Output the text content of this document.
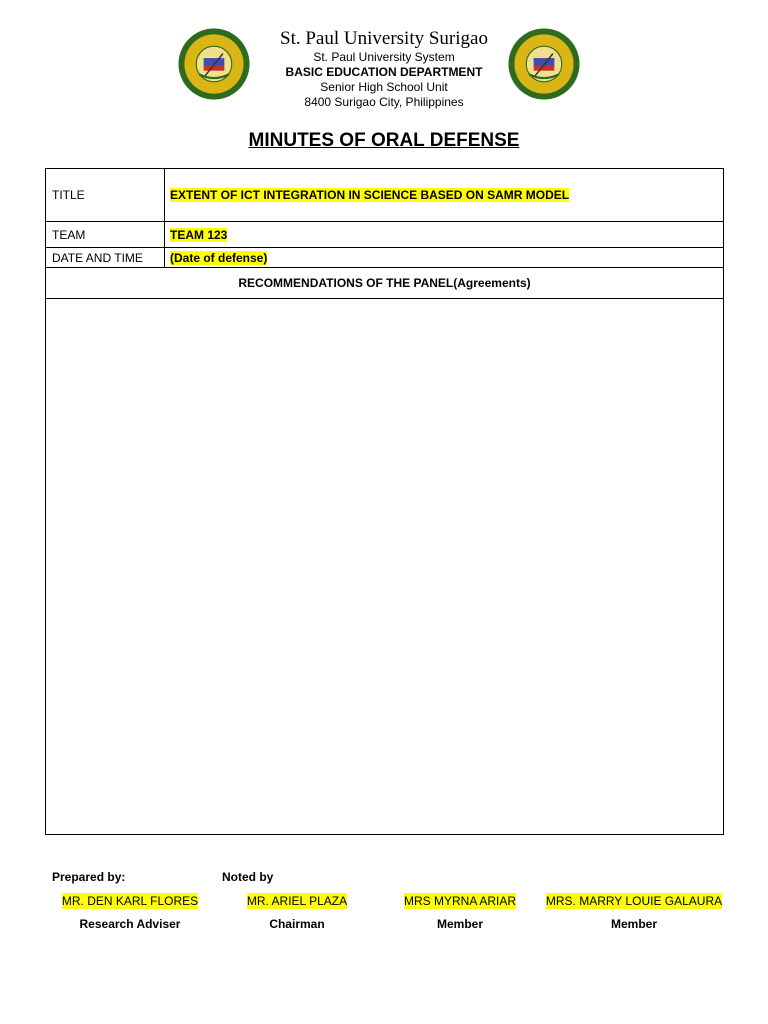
St. Paul University Surigao
St. Paul University System
BASIC EDUCATION DEPARTMENT
Senior High School Unit
8400 Surigao City, Philippines
MINUTES OF ORAL DEFENSE
TITLE	EXTENT OF ICT INTEGRATION IN SCIENCE BASED ON SAMR MODEL
TEAM	TEAM 123
DATE AND TIME	(Date of defense)
RECOMMENDATIONS OF THE PANEL(Agreements)
Prepared by:	Noted by
MR. DEN KARL FLORES
Research Adviser
MR. ARIEL PLAZA
Chairman
MRS MYRNA ARIAR
Member
MRS. MARRY LOUIE GALAURA
Member
